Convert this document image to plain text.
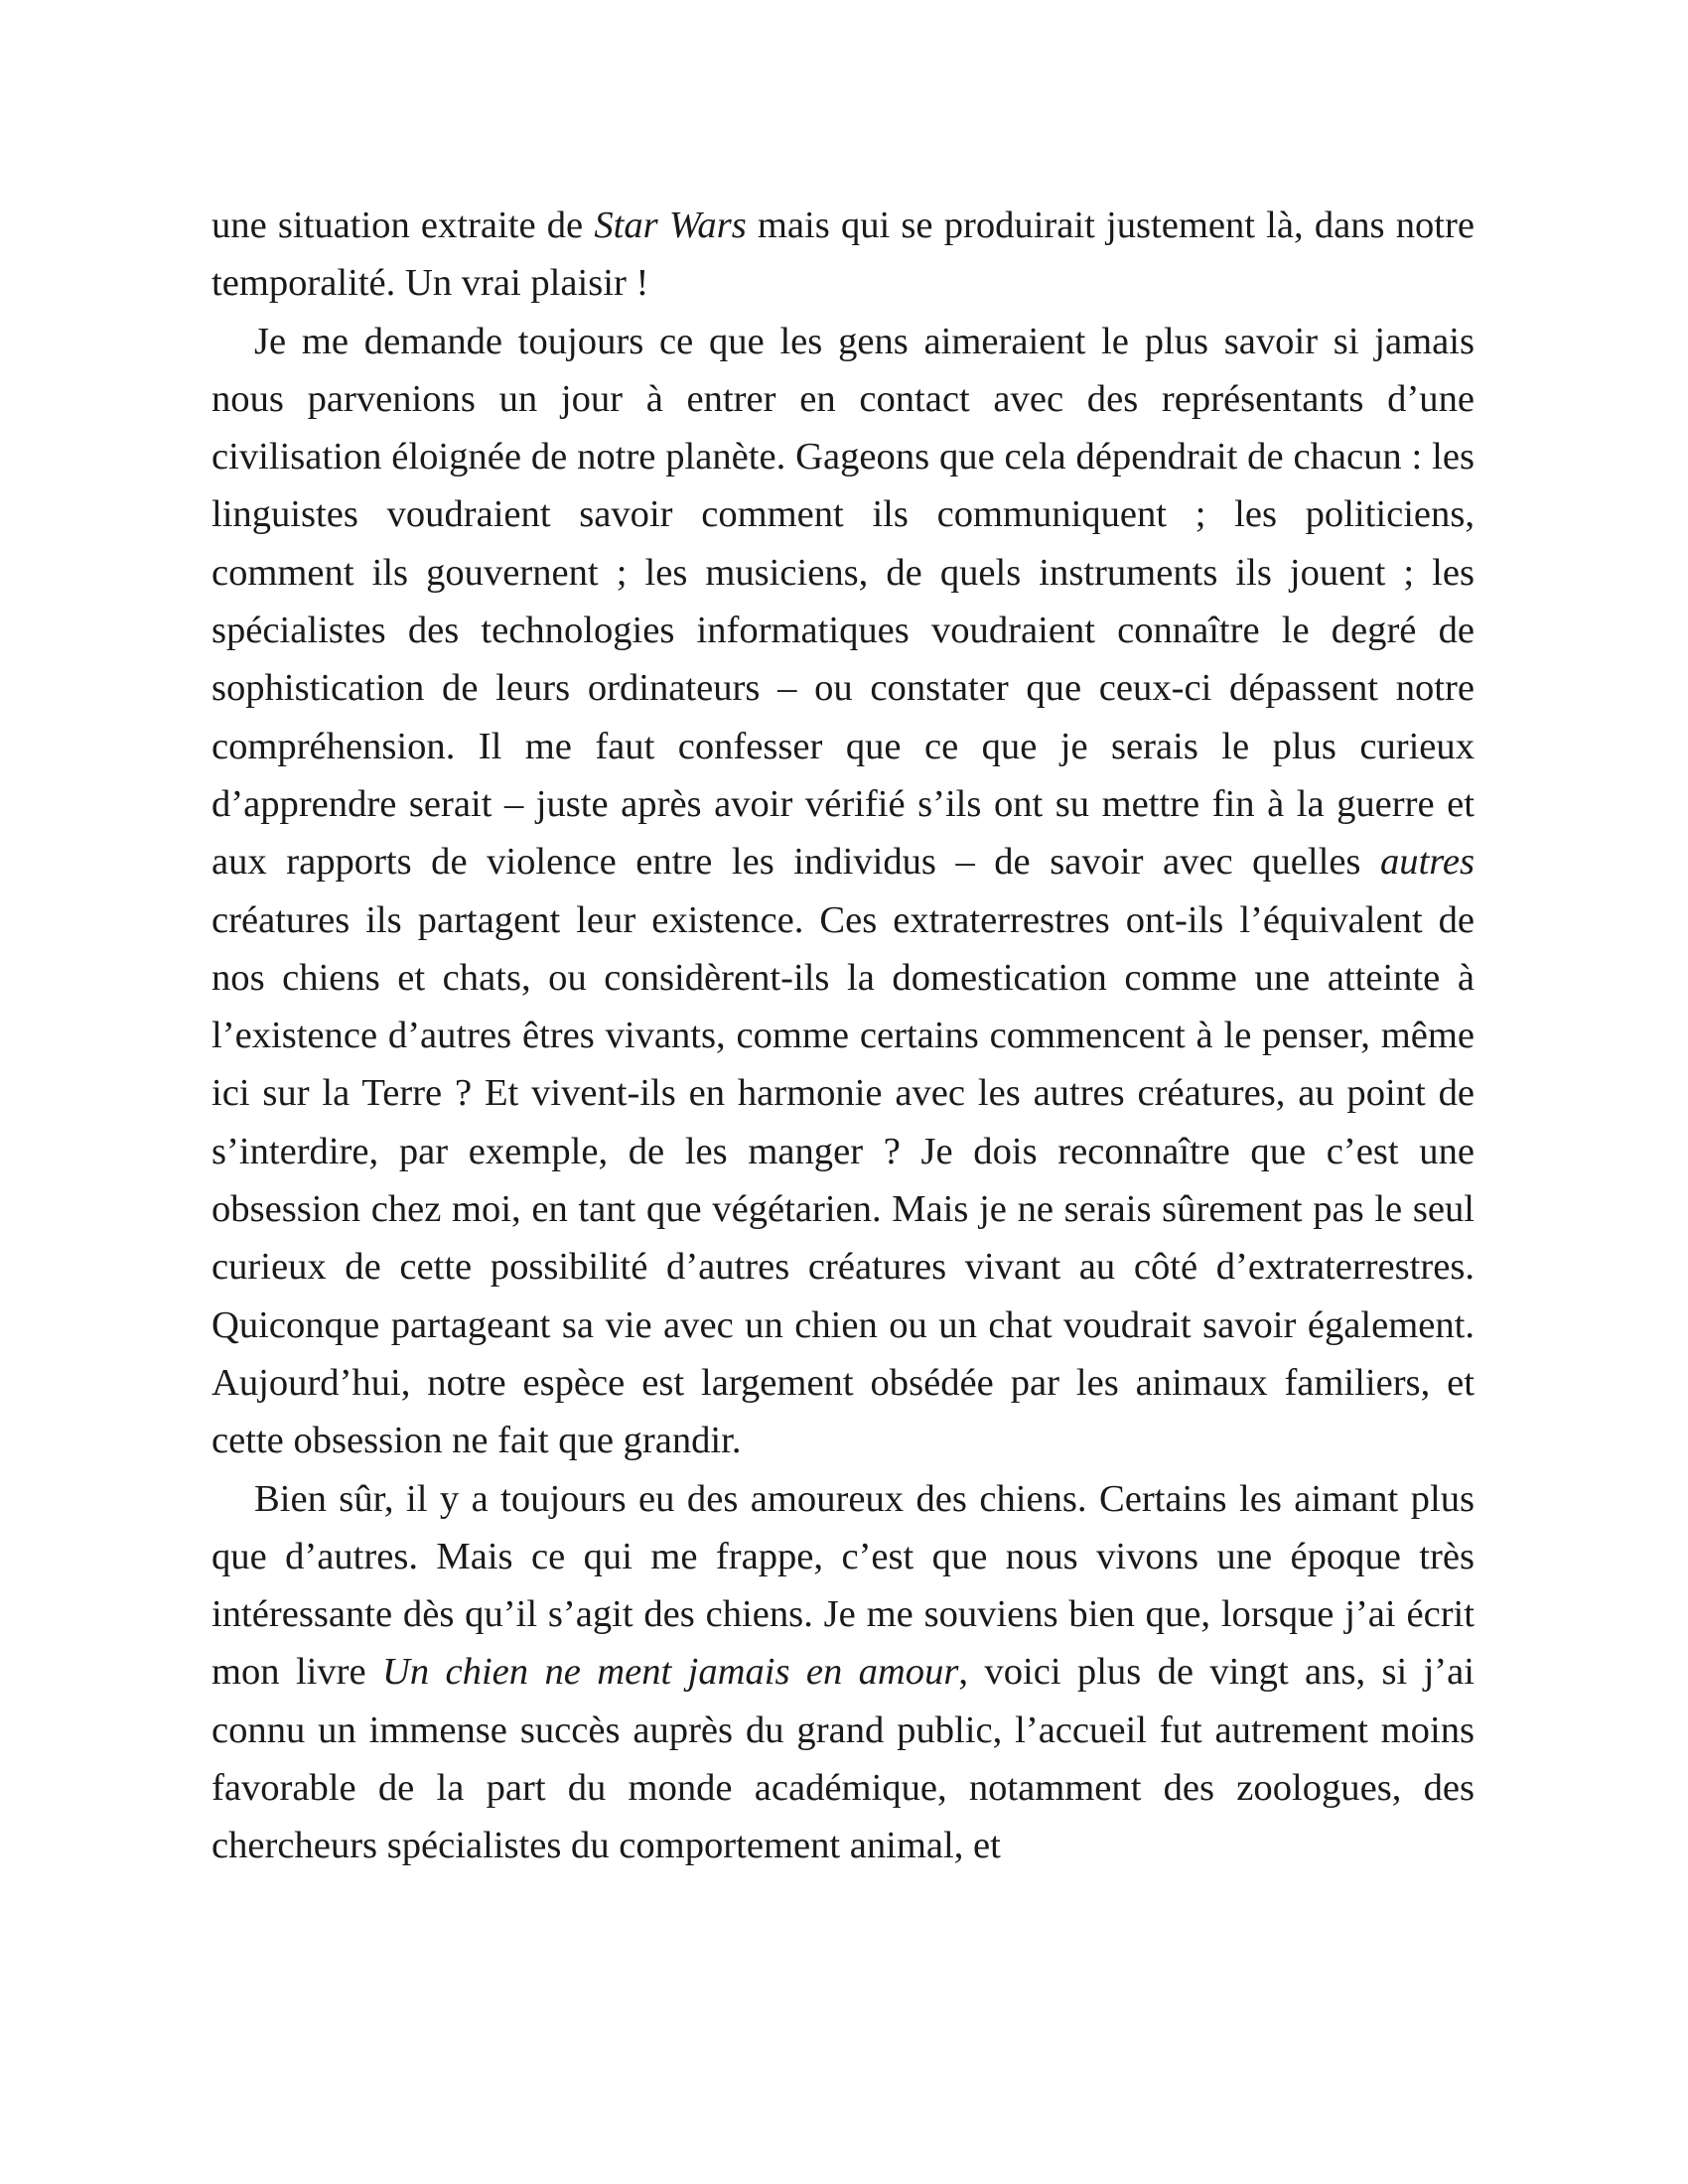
une situation extraite de Star Wars mais qui se produirait justement là, dans notre temporalité. Un vrai plaisir !

Je me demande toujours ce que les gens aimeraient le plus savoir si jamais nous parvenions un jour à entrer en contact avec des représentants d’une civilisation éloignée de notre planète. Gageons que cela dépendrait de chacun : les linguistes voudraient savoir comment ils communiquent ; les politiciens, comment ils gouvernent ; les musiciens, de quels instruments ils jouent ; les spécialistes des technologies informatiques voudraient connaître le degré de sophistication de leurs ordinateurs – ou constater que ceux-ci dépassent notre compréhension. Il me faut confesser que ce que je serais le plus curieux d’apprendre serait – juste après avoir vérifié s’ils ont su mettre fin à la guerre et aux rapports de violence entre les individus – de savoir avec quelles autres créatures ils partagent leur existence. Ces extraterrestres ont-ils l’équivalent de nos chiens et chats, ou considèrent-ils la domestication comme une atteinte à l’existence d’autres êtres vivants, comme certains commencent à le penser, même ici sur la Terre ? Et vivent-ils en harmonie avec les autres créatures, au point de s’interdire, par exemple, de les manger ? Je dois reconnaître que c’est une obsession chez moi, en tant que végétarien. Mais je ne serais sûrement pas le seul curieux de cette possibilité d’autres créatures vivant au côté d’extraterrestres. Quiconque partageant sa vie avec un chien ou un chat voudrait savoir également. Aujourd’hui, notre espèce est largement obsédée par les animaux familiers, et cette obsession ne fait que grandir.

Bien sûr, il y a toujours eu des amoureux des chiens. Certains les aimant plus que d’autres. Mais ce qui me frappe, c’est que nous vivons une époque très intéressante dès qu’il s’agit des chiens. Je me souviens bien que, lorsque j’ai écrit mon livre Un chien ne ment jamais en amour, voici plus de vingt ans, si j’ai connu un immense succès auprès du grand public, l’accueil fut autrement moins favorable de la part du monde académique, notamment des zoologues, des chercheurs spécialistes du comportement animal, et
